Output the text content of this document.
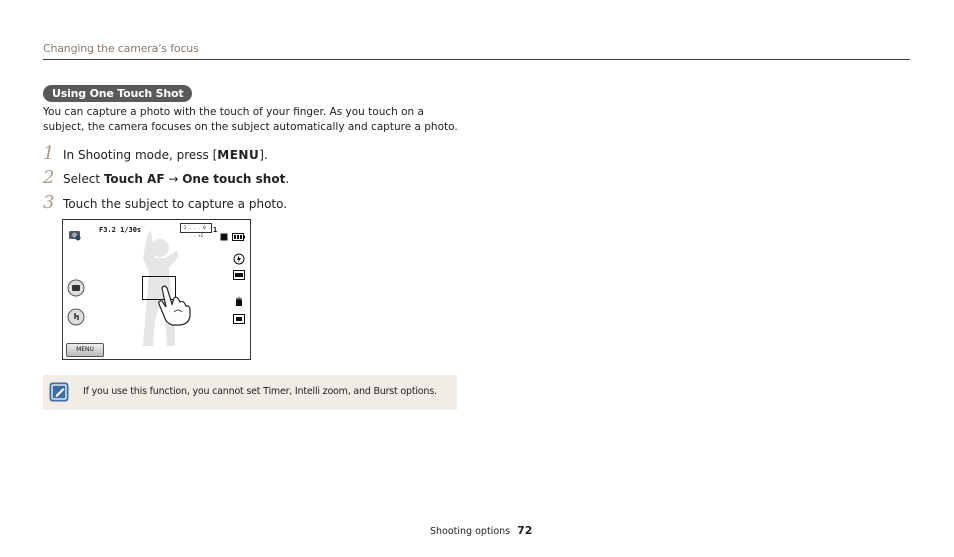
Changing the camera’s focus
Using One Touch Shot
You can capture a photo with the touch of your finger. As you touch on a
subject, the camera focuses on the subject automatically and capture a photo.
1 In Shooting mode, press [MENU].
2 Select Touch AF → One touch shot.
3 Touch the subject to capture a photo.
F3.2 1/30s	-2 . . . 0 . . . +2
1
MENU
If you use this function, you cannot set Timer, Intelli zoom, and Burst options.
Shooting options 72
